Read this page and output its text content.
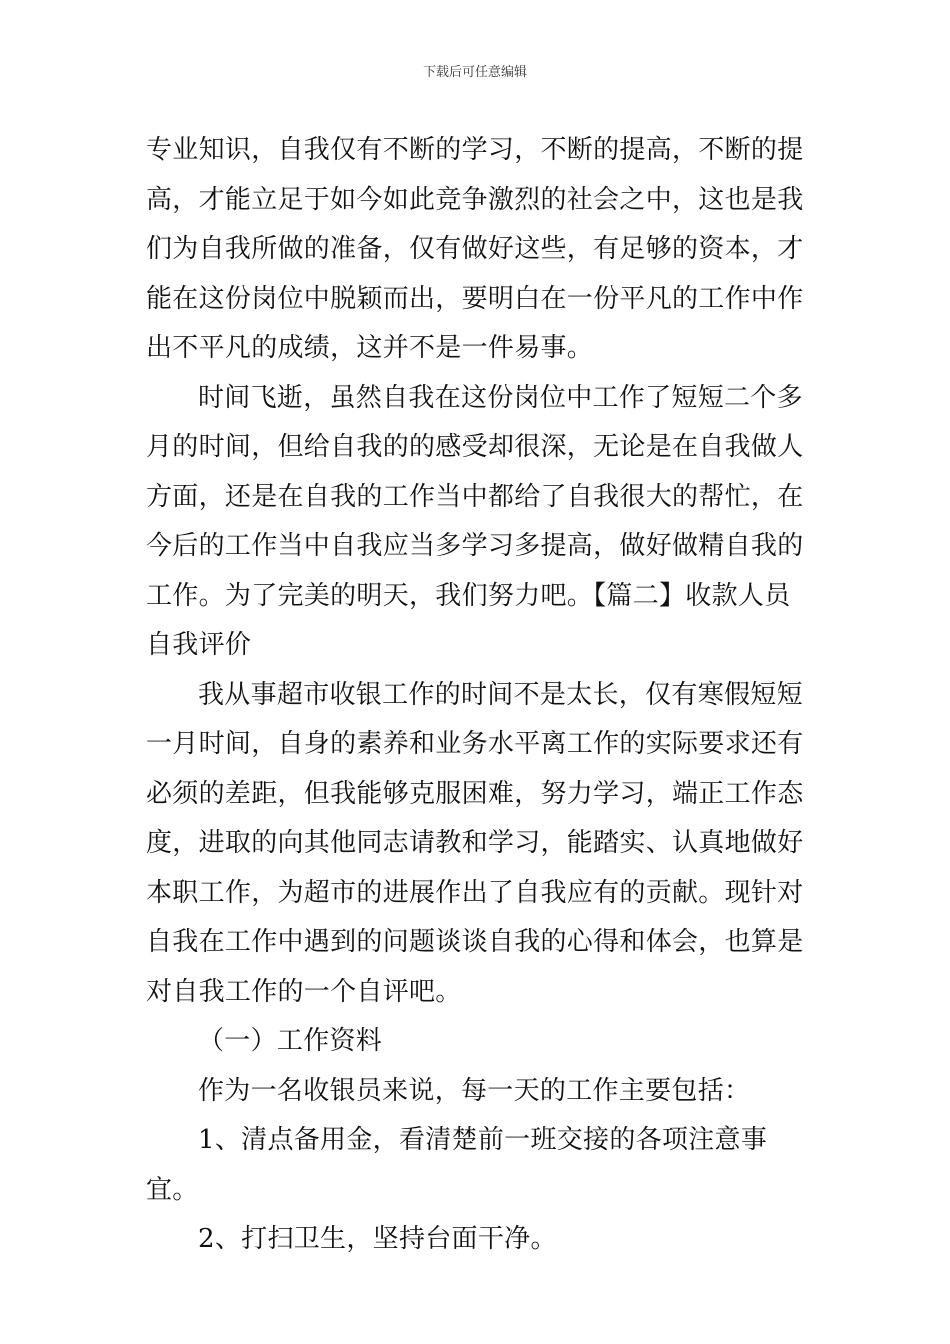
下载后可任意编辑

专业知识，自我仅有不断的学习，不断的提高，不断的提高，才能立足于如今如此竞争激烈的社会之中，这也是我们为自我所做的准备，仅有做好这些，有足够的资本，才能在这份岗位中脱颖而出，要明白在一份平凡的工作中作出不平凡的成绩，这并不是一件易事。

时间飞逝，虽然自我在这份岗位中工作了短短二个多月的时间，但给自我的的感受却很深，无论是在自我做人方面，还是在自我的工作当中都给了自我很大的帮忙，在今后的工作当中自我应当多学习多提高，做好做精自我的工作。为了完美的明天，我们努力吧。【篇二】收款人员自我评价

我从事超市收银工作的时间不是太长，仅有寒假短短一月时间，自身的素养和业务水平离工作的实际要求还有必须的差距，但我能够克服困难，努力学习，端正工作态度，进取的向其他同志请教和学习，能踏实、认真地做好本职工作，为超市的进展作出了自我应有的贡献。现针对自我在工作中遇到的问题谈谈自我的心得和体会，也算是对自我工作的一个自评吧。

（一）工作资料

作为一名收银员来说，每一天的工作主要包括：

1、清点备用金，看清楚前一班交接的各项注意事宜。

2、打扫卫生，坚持台面干净。
